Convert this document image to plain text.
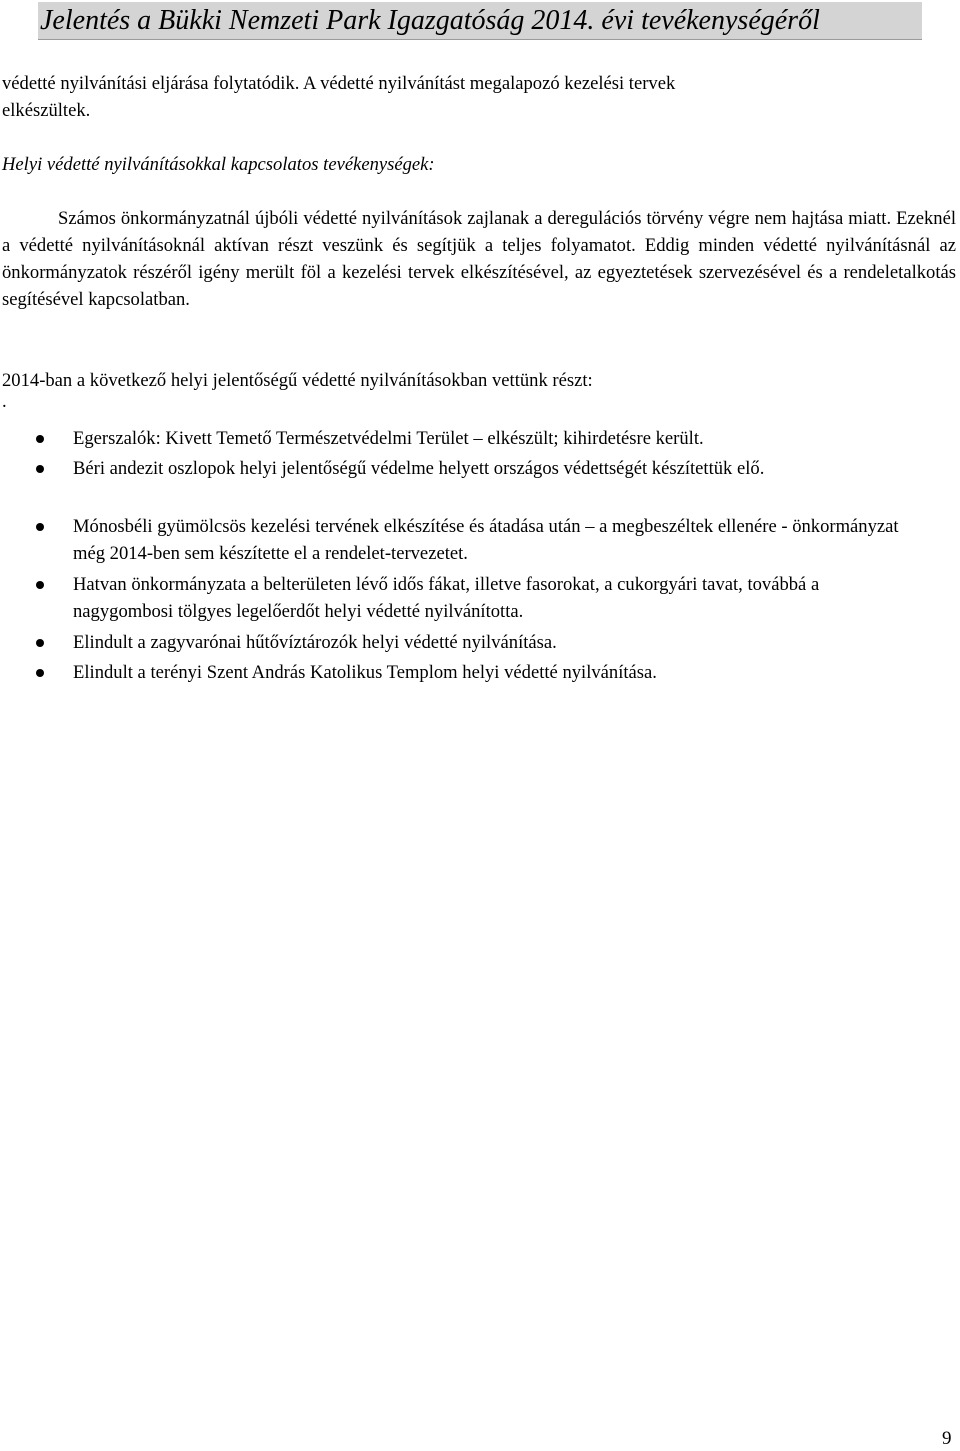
Jelentés a Bükki Nemzeti Park Igazgatóság 2014. évi tevékenységéről

védetté nyilvánítási eljárása folytatódik. A védetté nyilvánítást megalapozó kezelési tervek

elkészültek.

Helyi védetté nyilvánításokkal kapcsolatos tevékenységek:

Számos önkormányzatnál újbóli védetté nyilvánítások zajlanak a deregulációs törvény végre nem hajtása miatt. Ezeknél a védetté nyilvánításoknál aktívan részt veszünk és segítjük a teljes folyamatot. Eddig minden védetté nyilvánításnál az önkormányzatok részéről igény merült föl a kezelési tervek elkészítésével, az egyeztetések szervezésével és a rendeletalkotás segítésével kapcsolatban.

2014-ban a következő helyi jelentőségű védetté nyilvánításokban vettünk részt:

.

Egerszalók: Kivett Temető Természetvédelmi Terület – elkészült; kihirdetésre került.
Béri andezit oszlopok helyi jelentőségű védelme helyett országos védettségét készítettük elő.
Mónosbéli gyümölcsös kezelési tervének elkészítése és átadása után – a megbeszéltek ellenére - önkormányzat még 2014-ben sem készítette el a rendelet-tervezetet.
Hatvan önkormányzata a belterületen lévő idős fákat, illetve fasorokat, a cukorgyári tavat, továbbá a nagygombosi tölgyes legelőerdőt helyi védetté nyilvánította.
Elindult a zagyvarónai hűtővíztározók helyi védetté nyilvánítása.
Elindult a terényi Szent András Katolikus Templom helyi védetté nyilvánítása.
9
